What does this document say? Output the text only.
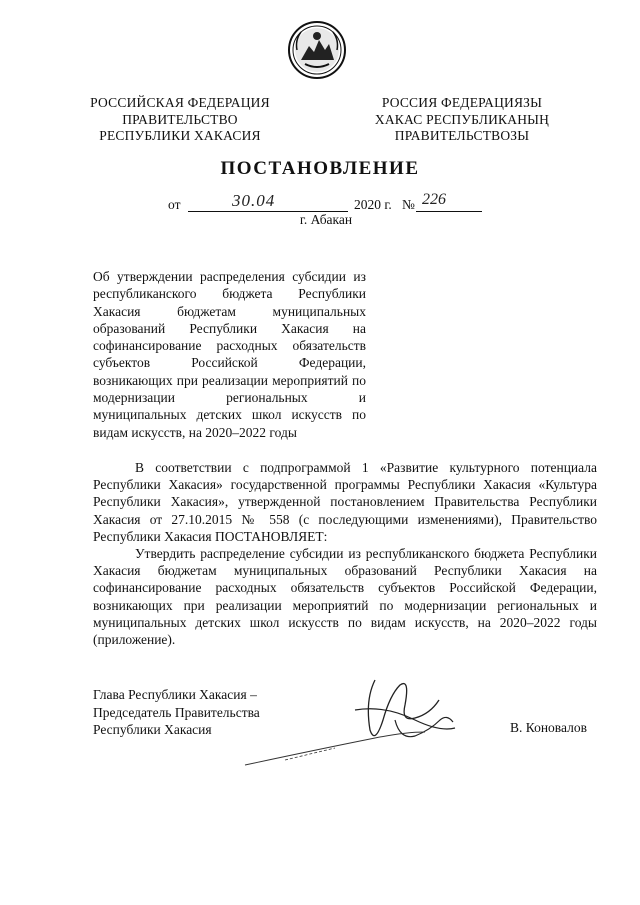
РОССИЙСКАЯ ФЕДЕРАЦИЯ
ПРАВИТЕЛЬСТВО
РЕСПУБЛИКИ ХАКАСИЯ
РОССИЯ ФЕДЕРАЦИЯЗЫ
ХАКАС РЕСПУБЛИКАНЫҢ
ПРАВИТЕЛЬСТВОЗЫ
ПОСТАНОВЛЕНИЕ
от	30.04	2020 г. № 226
г. Абакан

Об утверждении распределения субсидии из республиканского бюджета Республики Хакасия бюджетам муниципальных образований Республики Хакасия на софинансирование расходных обязательств субъектов Российской Федерации, возникающих при реализации мероприятий по модернизации региональных и муниципальных детских школ искусств по видам искусств, на 2020–2022 годы

В соответствии с подпрограммой 1 «Развитие культурного потенциала Республики Хакасия» государственной программы Республики Хакасия «Культура Республики Хакасия», утвержденной постановлением Правительства Республики Хакасия от 27.10.2015 № 558 (с последующими изменениями), Правительство Республики Хакасия ПОСТАНОВЛЯЕТ:

Утвердить распределение субсидии из республиканского бюджета Республики Хакасия бюджетам муниципальных образований Республики Хакасия на софинансирование расходных обязательств субъектов Российской Федерации, возникающих при реализации мероприятий по модернизации региональных и муниципальных детских школ искусств по видам искусств, на 2020–2022 годы (приложение).

Глава Республики Хакасия –
Председатель Правительства
Республики Хакасия	В. Коновалов
